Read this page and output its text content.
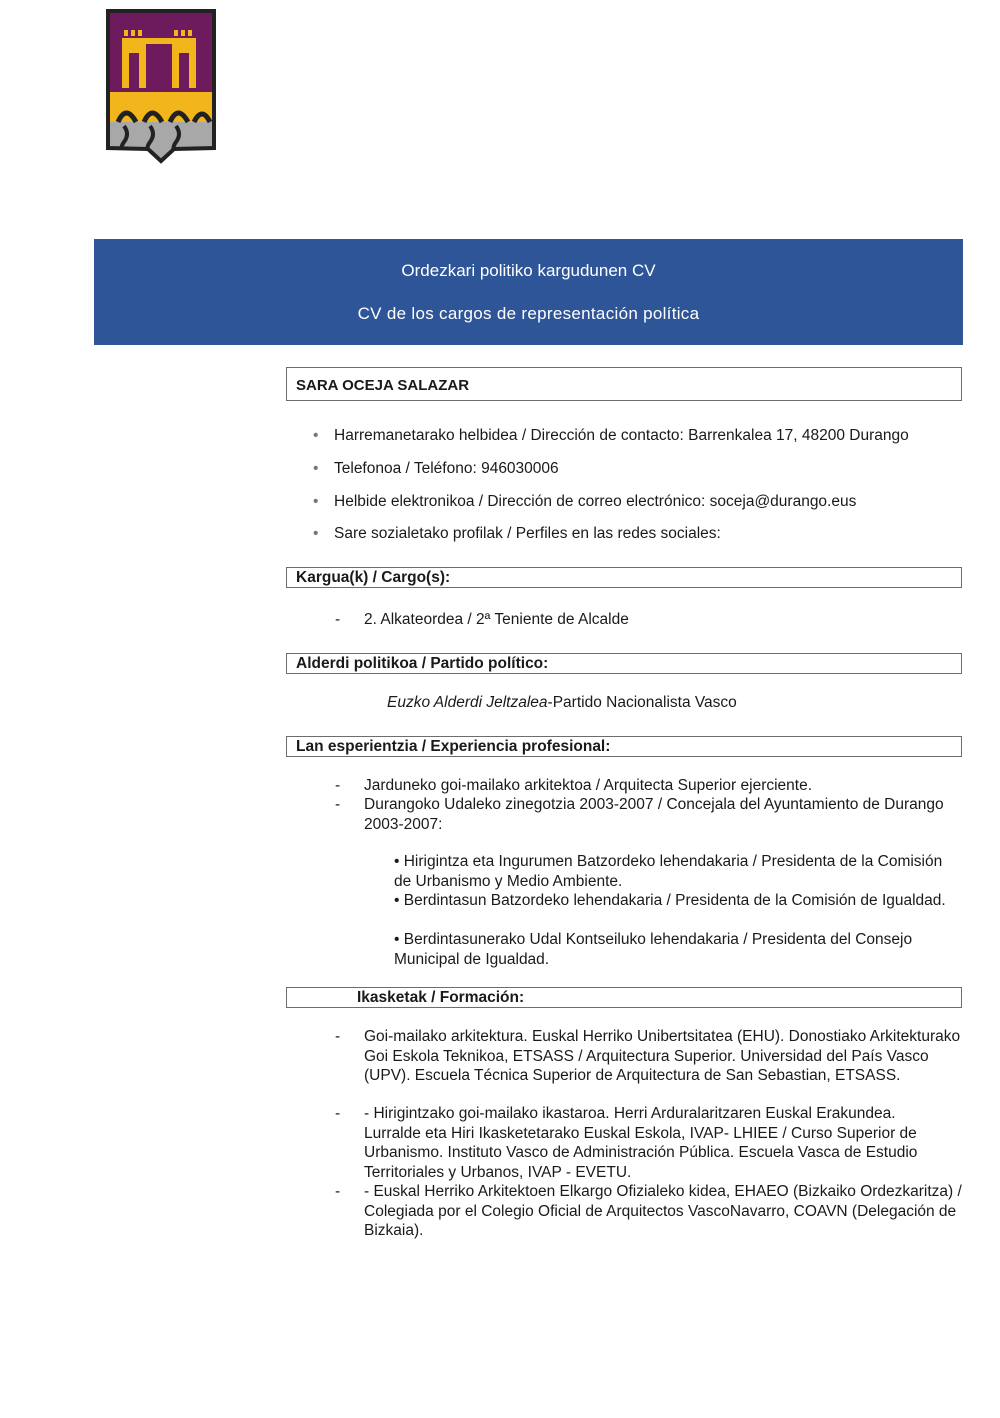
Ordezkari politiko kargudunen CV
CV de los cargos de representación política
SARA OCEJA SALAZAR
• Harremanetarako helbidea / Dirección de contacto: Barrenkalea 17, 48200 Durango
• Telefonoa / Teléfono: 946030006
• Helbide elektronikoa / Dirección de correo electrónico: soceja@durango.eus
• Sare sozialetako profilak / Perfiles en las redes sociales:
Kargua(k) / Cargo(s):
- 2. Alkateordea / 2ª Teniente de Alcalde
Alderdi politikoa / Partido político:
Euzko Alderdi Jeltzalea-Partido Nacionalista Vasco
Lan esperientzia / Experiencia profesional:
- Jarduneko goi-mailako arkitektoa / Arquitecta Superior ejerciente.
- Durangoko Udaleko zinegotzia 2003-2007 / Concejala del Ayuntamiento de Durango 2003-2007:
• Hirigintza eta Ingurumen Batzordeko lehendakaria / Presidenta de la Comisión de Urbanismo y Medio Ambiente.
• Berdintasun Batzordeko lehendakaria / Presidenta de la Comisión de Igualdad.
• Berdintasunerako Udal Kontseiluko lehendakaria / Presidenta del Consejo Municipal de Igualdad.
Ikasketak / Formación:
- Goi-mailako arkitektura. Euskal Herriko Unibertsitatea (EHU). Donostiako Arkitekturako Goi Eskola Teknikoa, ETSASS / Arquitectura Superior. Universidad del País Vasco (UPV). Escuela Técnica Superior de Arquitectura de San Sebastian, ETSASS.
- - Hirigintzako goi-mailako ikastaroa. Herri Arduralaritzaren Euskal Erakundea. Lurralde eta Hiri Ikasketetarako Euskal Eskola, IVAP- LHIEE / Curso Superior de Urbanismo. Instituto Vasco de Administración Pública. Escuela Vasca de Estudio Territoriales y Urbanos, IVAP - EVETU.
- - Euskal Herriko Arkitektoen Elkargo Ofizialeko kidea, EHAEO (Bizkaiko Ordezkaritza) / Colegiada por el Colegio Oficial de Arquitectos VascoNavarro, COAVN (Delegación de Bizkaia).
